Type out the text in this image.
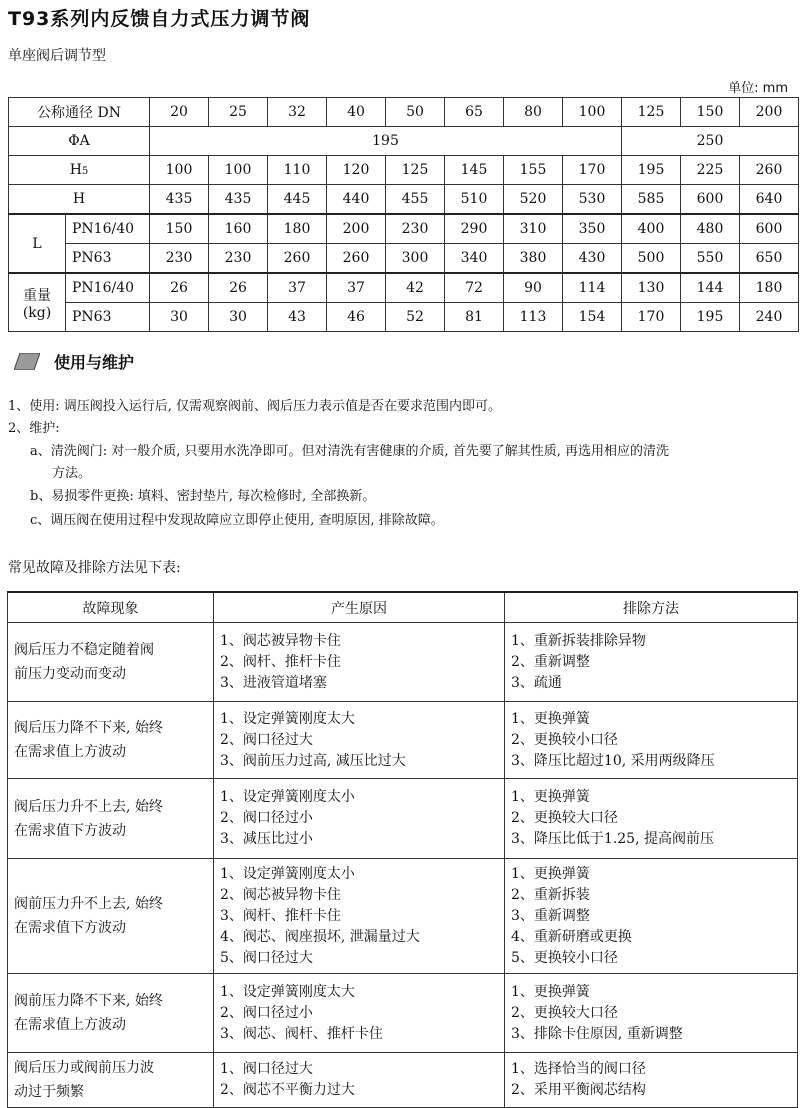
T93系列内反馈自力式压力调节阀
单座阀后调节型
单位: mm
公称通径 DN		20	25	32	40	50	65	80	100	125	150	200
ΦA		195								250		
H5		100	100	110	120	125	145	155	170	195	225	260
H		435	435	445	440	455	510	520	530	585	600	640
L	PN16/40	150	160	180	200	230	290	310	350	400	480	600
	PN63	230	230	260	260	300	340	380	430	500	550	650

重量
(kg)	PN16/40	26	26	37	37	42	72	90	114	130	144	180
	PN63	30	30	43	46	52	81	113	154	170	195	240
使用与维护
1、使用: 调压阀投入运行后, 仅需观察阀前、阀后压力表示值是否在要求范围内即可。
2、维护:
a、清洗阀门: 对一般介质, 只要用水洗净即可。但对清洗有害健康的介质, 首先要了解其性质, 再选用相应的清洗
方法。
b、易损零件更换: 填料、密封垫片, 每次检修时, 全部换新。
c、调压阀在使用过程中发现故障应立即停止使用, 查明原因, 排除故障。
常见故障及排除方法见下表:
故障现象	产生原因	排除方法

阀后压力不稳定随着阀
前压力变动而变动	1、阀芯被异物卡住
2、阀杆、推杆卡住
3、进液管道堵塞	1、重新拆装排除异物
2、重新调整
3、疏通

阀后压力降不下来, 始终
在需求值上方波动	1、设定弹簧刚度太大
2、阀口径过大
3、阀前压力过高, 减压比过大	1、更换弹簧
2、更换较小口径
3、降压比超过10, 采用两级降压

阀后压力升不上去, 始终
在需求值下方波动	1、设定弹簧刚度太小
2、阀口径过小
3、减压比过小	1、更换弹簧
2、更换较大口径
3、降压比低于1.25, 提高阀前压

阀前压力升不上去, 始终
在需求值下方波动	1、设定弹簧刚度太小
2、阀芯被异物卡住
3、阀杆、推杆卡住
4、阀芯、阀座损坏, 泄漏量过大
5、阀口径过大	1、更换弹簧
2、重新拆装
3、重新调整
4、重新研磨或更换
5、更换较小口径

阀前压力降不下来, 始终
在需求值上方波动	1、设定弹簧刚度太大
2、阀口径过小
3、阀芯、阀杆、推杆卡住	1、更换弹簧
2、更换较大口径
3、排除卡住原因, 重新调整

阀后压力或阀前压力波
动过于频繁	1、阀口径过大
2、阀芯不平衡力过大	1、选择恰当的阀口径
2、采用平衡阀芯结构
